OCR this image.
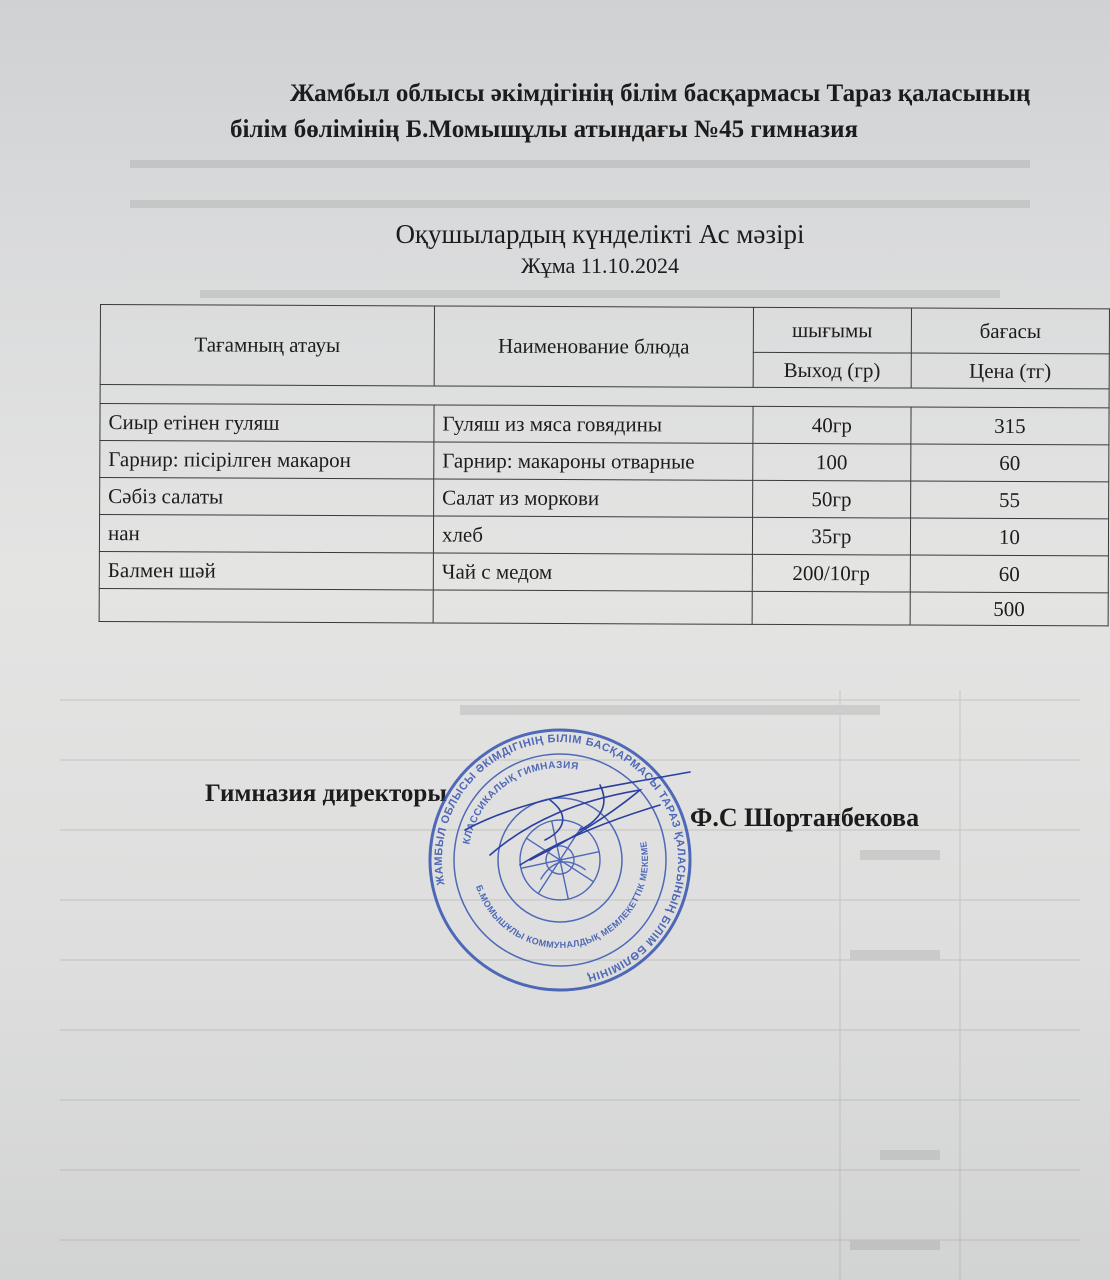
Жамбыл облысы әкімдігінің білім басқармасы Тараз қаласының
білім бөлімінің Б.Момышұлы атындағы №45 гимназия
Оқушылардың күнделікті Ас мәзірі
Жұма 11.10.2024
Тағамның атауы	Наименование блюда	шығымы	бағасы
		Выход (гр)	Цена (тг)

Сиыр етінен гуляш	Гуляш из мяса говядины	40гр	315
Гарнир: пісірілген макарон	Гарнир: макароны отварные	100	60
Сәбіз салаты	Салат из моркови	50гр	55
нан	хлеб	35гр	10
Балмен шәй	Чай с медом	200/10гр	60
			500
Гимназия директоры
Ф.С Шортанбекова
ЖАМБЫЛ ОБЛЫСЫ ӘКІМДІГІНІҢ БІЛІМ БАСҚАРМАСЫ ТАРАЗ ҚАЛАСЫНЫҢ БІЛІМ БӨЛІМІНІҢ
КЛАССИКАЛЫҚ ГИМНАЗИЯ
Б.МОМЫШҰЛЫ КОММУНАЛДЫҚ МЕМЛЕКЕТТІК МЕКЕМЕСІ
